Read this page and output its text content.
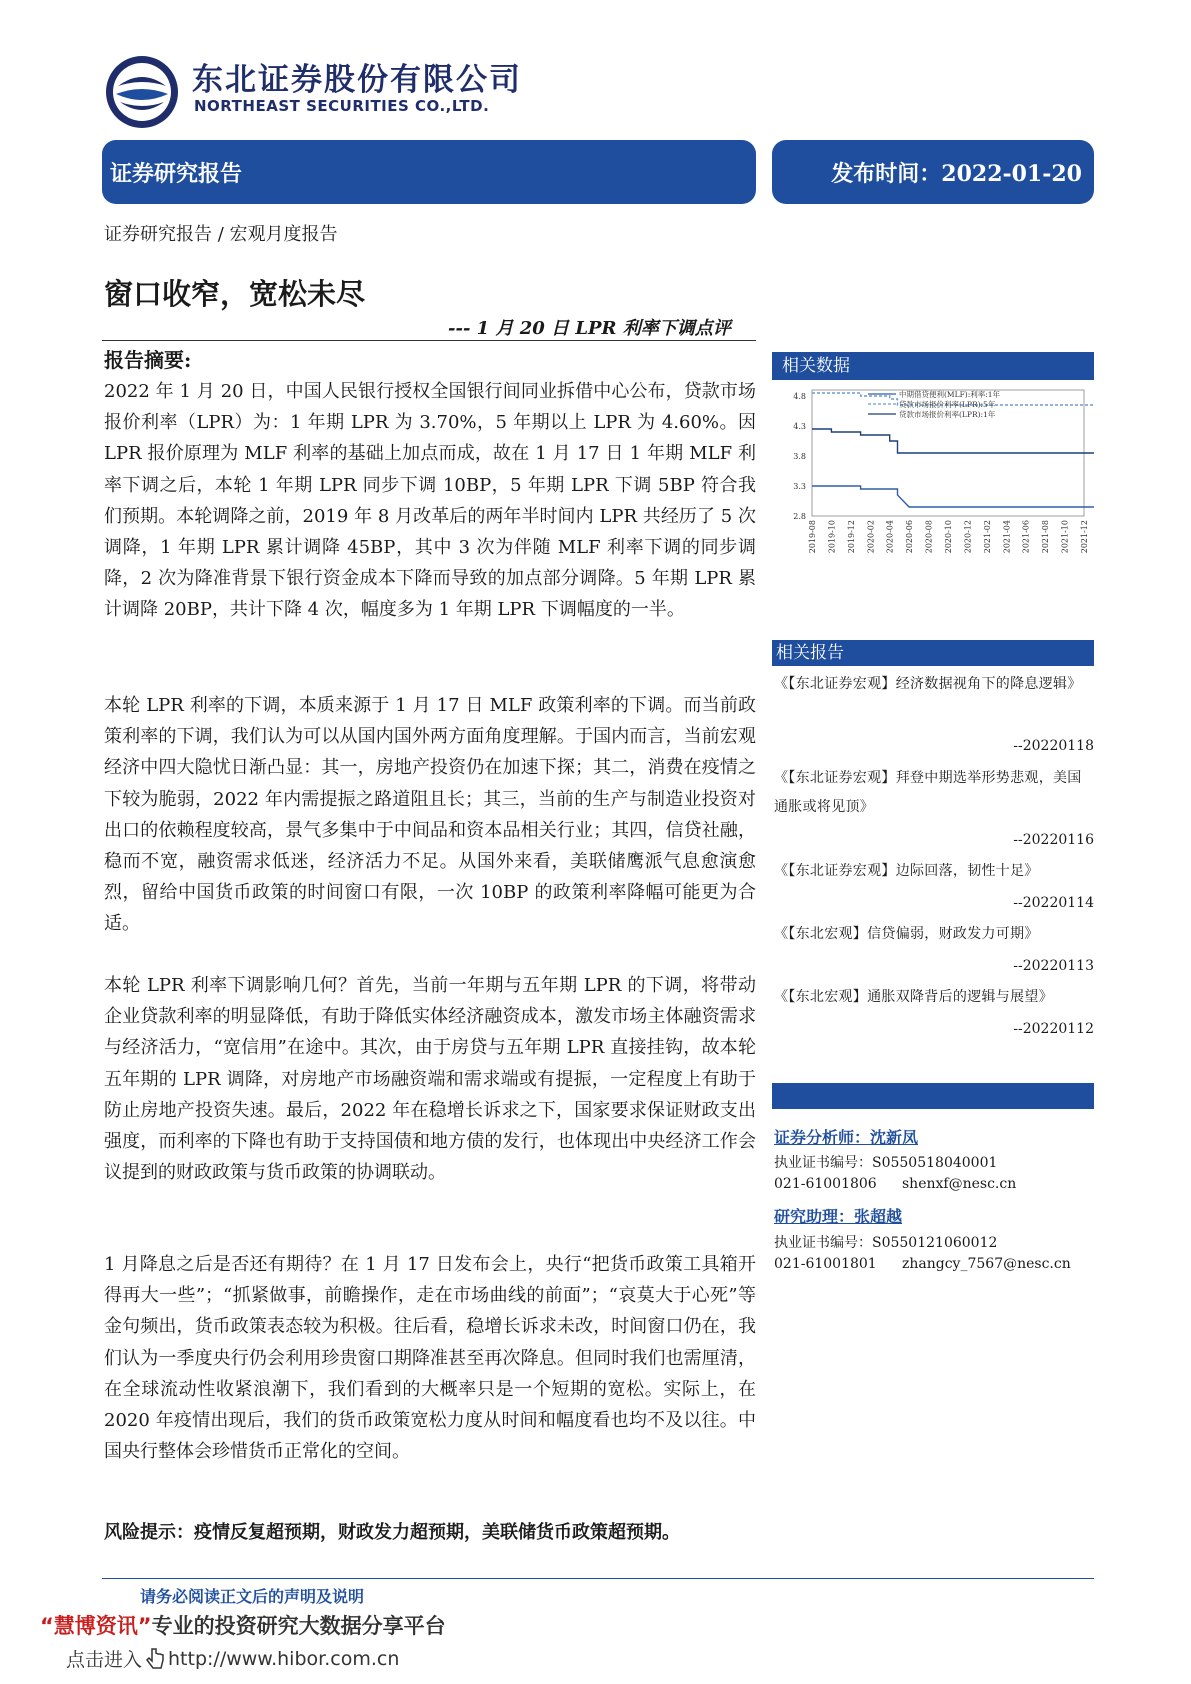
东北证券股份有限公司
NORTHEAST SECURITIES CO.,LTD.
证券研究报告	发布时间：2022-01-20
证券研究报告 / 宏观月度报告
窗口收窄，宽松未尽
--- 1 月 20 日 LPR 利率下调点评
报告摘要:
2022 年 1 月 20 日，中国人民银行授权全国银行间同业拆借中心公布，贷款市场报价利率（LPR）为：1 年期 LPR 为 3.70%，5 年期以上 LPR 为 4.60%。因 LPR 报价原理为 MLF 利率的基础上加点而成，故在 1 月 17 日 1 年期 MLF 利率下调之后，本轮 1 年期 LPR 同步下调 10BP，5 年期 LPR 下调 5BP 符合我们预期。本轮调降之前，2019 年 8 月改革后的两年半时间内 LPR 共经历了 5 次调降，1 年期 LPR 累计调降 45BP，其中 3 次为伴随 MLF 利率下调的同步调降，2 次为降准背景下银行资金成本下降而导致的加点部分调降。5 年期 LPR 累计调降 20BP，共计下降 4 次，幅度多为 1 年期 LPR 下调幅度的一半。
本轮 LPR 利率的下调，本质来源于 1 月 17 日 MLF 政策利率的下调。而当前政策利率的下调，我们认为可以从国内国外两方面角度理解。于国内而言，当前宏观经济中四大隐忧日渐凸显：其一，房地产投资仍在加速下探；其二，消费在疫情之下较为脆弱，2022 年内需提振之路道阻且长；其三，当前的生产与制造业投资对出口的依赖程度较高，景气多集中于中间品和资本品相关行业；其四，信贷社融，稳而不宽，融资需求低迷，经济活力不足。从国外来看，美联储鹰派气息愈演愈烈，留给中国货币政策的时间窗口有限，一次 10BP 的政策利率降幅可能更为合适。
本轮 LPR 利率下调影响几何？首先，当前一年期与五年期 LPR 的下调，将带动企业贷款利率的明显降低，有助于降低实体经济融资成本，激发市场主体融资需求与经济活力，“宽信用”在途中。其次，由于房贷与五年期 LPR 直接挂钩，故本轮五年期的 LPR 调降，对房地产市场融资端和需求端或有提振，一定程度上有助于防止房地产投资失速。最后，2022 年在稳增长诉求之下，国家要求保证财政支出强度，而利率的下降也有助于支持国债和地方债的发行，也体现出中央经济工作会议提到的财政政策与货币政策的协调联动。
1 月降息之后是否还有期待？在 1 月 17 日发布会上，央行“把货币政策工具箱开得再大一些”；“抓紧做事，前瞻操作，走在市场曲线的前面”；“哀莫大于心死”等金句频出，货币政策表态较为积极。往后看，稳增长诉求未改，时间窗口仍在，我们认为一季度央行仍会利用珍贵窗口期降准甚至再次降息。但同时我们也需厘清，在全球流动性收紧浪潮下，我们看到的大概率只是一个短期的宽松。实际上，在 2020 年疫情出现后，我们的货币政策宽松力度从时间和幅度看也均不及以往。中国央行整体会珍惜货币正常化的空间。
风险提示：疫情反复超预期，财政发力超预期，美联储货币政策超预期。
相关数据
2.8
3.3
3.8
4.3
4.8
2019-08 2019-10 2019-12 2020-02 2020-04 2020-06 2020-08 2020-10 2020-12 2021-02 2021-04 2021-06 2021-08 2021-10 2021-12
中期借贷便利(MLF):利率:1年
贷款市场报价利率(LPR):5年
贷款市场报价利率(LPR):1年
相关报告
《【东北证券宏观】经济数据视角下的降息逻辑》
--20220118
《【东北证券宏观】拜登中期选举形势悲观，美国通胀或将见顶》
--20220116
《【东北证券宏观】边际回落，韧性十足》
--20220114
《【东北宏观】信贷偏弱，财政发力可期》
--20220113
《【东北宏观】通胀双降背后的逻辑与展望》
--20220112
证券分析师：沈新凤
执业证书编号：S0550518040001
021-61001806 shenxf@nesc.cn
研究助理：张超越
执业证书编号：S0550121060012
021-61001801 zhangcy_7567@nesc.cn
请务必阅读正文后的声明及说明
“慧博资讯”专业的投资研究大数据分享平台
点击进入 http://www.hibor.com.cn
